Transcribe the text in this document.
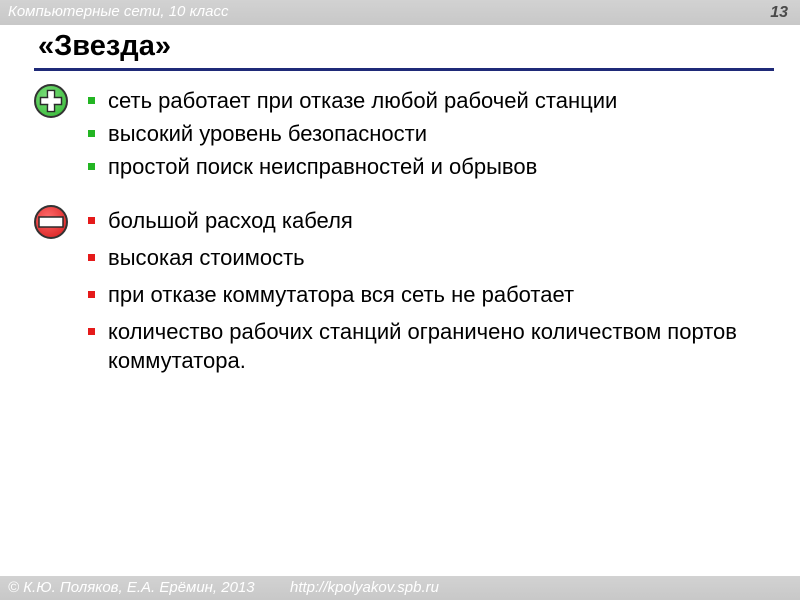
Компьютерные сети, 10 класс	13
«Звезда»
сеть работает при отказе любой рабочей станции
высокий уровень безопасности
простой поиск неисправностей и обрывов
большой расход кабеля
высокая стоимость
при отказе коммутатора вся сеть не работает
количество рабочих станций ограничено количеством портов коммутатора.
© К.Ю. Поляков, Е.А. Ерёмин, 2013 http://kpolyakov.spb.ru
